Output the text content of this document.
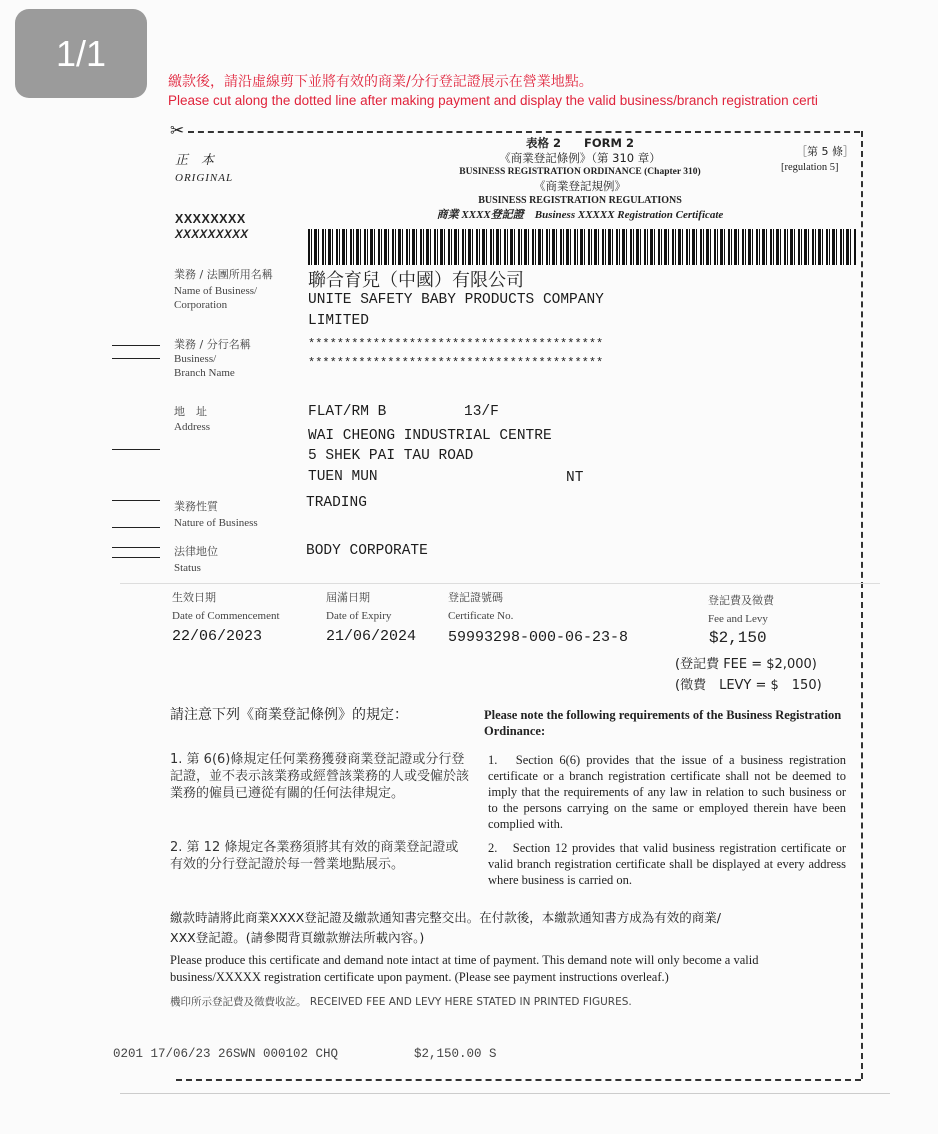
1/1
繳款後，請沿虛線剪下並將有效的商業/分行登記證展示在營業地點。
Please cut along the dotted line after making payment and display the valid business/branch registration certi
✂
正　本
ORIGINAL
XXXXXXXX
XXXXXXXXX
表格 2　　FORM 2
《商業登記條例》（第 310 章）
BUSINESS REGISTRATION ORDINANCE (Chapter 310)
《商業登記規例》
BUSINESS REGISTRATION REGULATIONS
商業 XXXX登記證　Business XXXXX Registration Certificate
［第 5 條］
[regulation 5]
業務 / 法團所用名稱
Name of Business/ Corporation
聯合育兒（中國）有限公司
UNITE SAFETY BABY PRODUCTS COMPANY
LIMITED
業務 / 分行名稱
Business/
Branch Name
*****************************************
*****************************************
地　址
Address
FLAT/RM B	13/F
WAI CHEONG INDUSTRIAL CENTRE
5 SHEK PAI TAU ROAD
TUEN MUN	NT
業務性質
Nature of Business
TRADING
法律地位
Status
BODY CORPORATE
生效日期
Date of Commencement
22/06/2023
屆滿日期
Date of Expiry
21/06/2024
登記證號碼
Certificate No.
59993298-000-06-23-8
登記費及徵費
Fee and Levy
$2,150
(登記費 FEE = $2,000)
(徵費　LEVY = $　150)
請注意下列《商業登記條例》的規定：	Please note the following requirements of the Business Registration Ordinance:
1. 第 6(6)條規定任何業務獲發商業登記證或分行登記證，並不表示該業務或經營該業務的人或受僱於該業務的僱員已遵從有關的任何法律規定。
1.　Section 6(6) provides that the issue of a business registration certificate or a branch registration certificate shall not be deemed to imply that the requirements of any law in relation to such business or to the persons carrying on the same or employed therein have been complied with.
2. 第 12 條規定各業務須將其有效的商業登記證或有效的分行登記證於每一營業地點展示。
2.　Section 12 provides that valid business registration certificate or valid branch registration certificate shall be displayed at every address where business is carried on.
繳款時請將此商業XXXX登記證及繳款通知書完整交出。在付款後，本繳款通知書方成為有效的商業/
XXX登記證。(請參閱背頁繳款辦法所載內容。)
Please produce this certificate and demand note intact at time of payment. This demand note will only become a valid
business/XXXXX registration certificate upon payment. (Please see payment instructions overleaf.)
機印所示登記費及徵費收訖。 RECEIVED FEE AND LEVY HERE STATED IN PRINTED FIGURES.
0201 17/06/23 26SWN 000102 CHQ	$2,150.00 S
